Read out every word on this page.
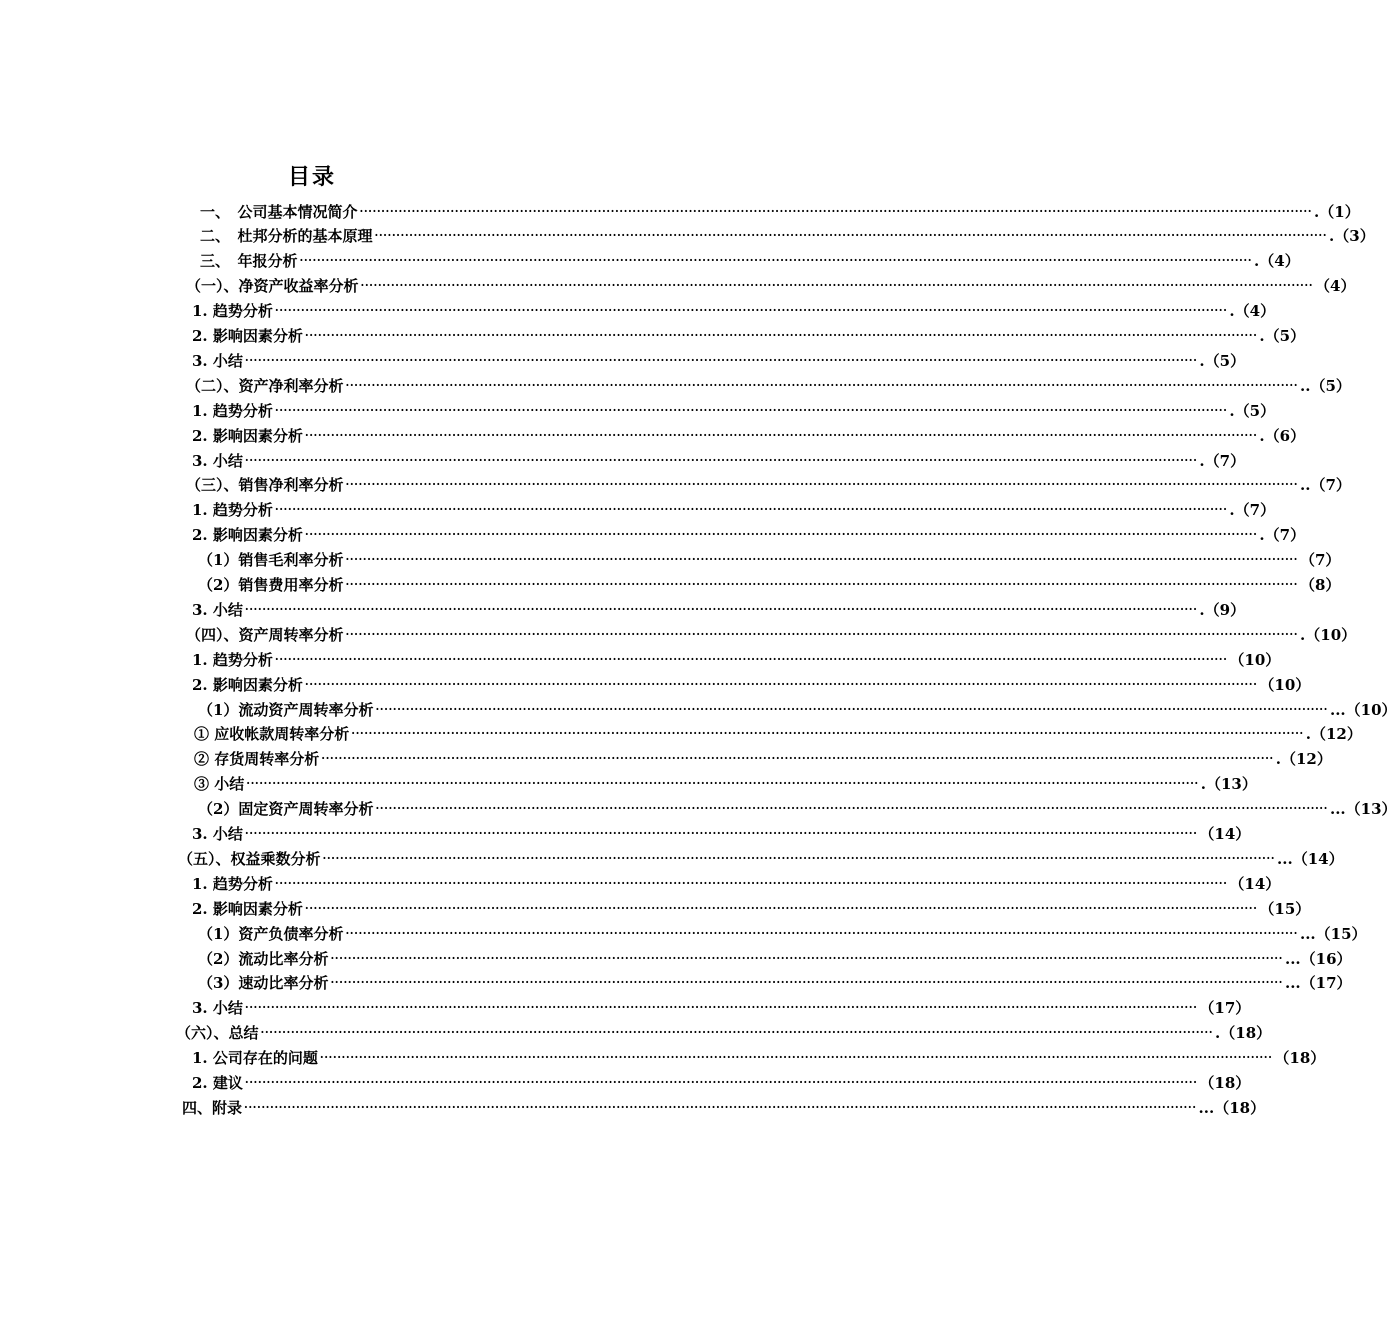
目录
一、　公司基本情况简介 ···························································································································································································································· .（1）
二、　杜邦分析的基本原理 ···························································································································································································································· .（3）
三、　年报分析 ···························································································································································································································· .（4）
（一）、净资产收益率分析 ···························································································································································································································· （4）
1. 趋势分析 ···························································································································································································································· .（4）
2. 影响因素分析 ···························································································································································································································· .（5）
3. 小结 ···························································································································································································································· .（5）
（二）、资产净利率分析 ···························································································································································································································· ..（5）
1. 趋势分析 ···························································································································································································································· .（5）
2. 影响因素分析 ···························································································································································································································· .（6）
3. 小结 ···························································································································································································································· .（7）
（三）、销售净利率分析 ···························································································································································································································· ..（7）
1. 趋势分析 ···························································································································································································································· .（7）
2. 影响因素分析 ···························································································································································································································· .（7）
（1）销售毛利率分析 ···························································································································································································································· （7）
（2）销售费用率分析 ···························································································································································································································· （8）
3. 小结 ···························································································································································································································· .（9）
（四）、资产周转率分析 ···························································································································································································································· .（10）
1. 趋势分析 ···························································································································································································································· （10）
2. 影响因素分析 ···························································································································································································································· （10）
（1）流动资产周转率分析 ···························································································································································································································· ...（10）
① 应收帐款周转率分析 ···························································································································································································································· .（12）
② 存货周转率分析 ···························································································································································································································· .（12）
③ 小结 ···························································································································································································································· .（13）
（2）固定资产周转率分析 ···························································································································································································································· ...（13）
3. 小结 ···························································································································································································································· （14）
（五）、权益乘数分析 ···························································································································································································································· ...（14）
1. 趋势分析 ···························································································································································································································· （14）
2. 影响因素分析 ···························································································································································································································· （15）
（1）资产负债率分析 ···························································································································································································································· ...（15）
（2）流动比率分析 ···························································································································································································································· ...（16）
（3）速动比率分析 ···························································································································································································································· ...（17）
3. 小结 ···························································································································································································································· （17）
（六）、总结 ···························································································································································································································· .（18）
1. 公司存在的问题 ···························································································································································································································· （18）
2. 建议 ···························································································································································································································· （18）
四、附录 ···························································································································································································································· ...（18）
